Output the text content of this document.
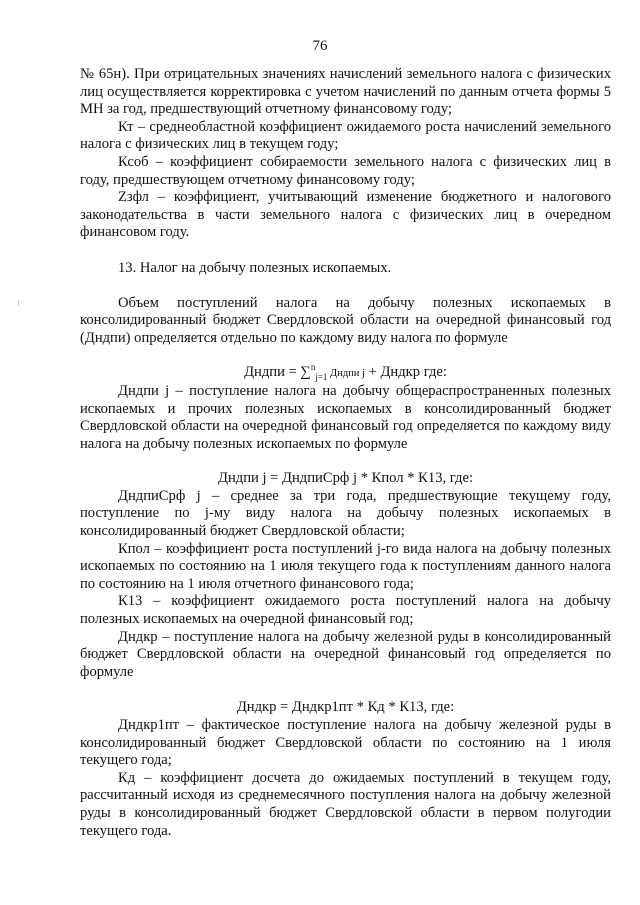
76

№ 65н). При отрицательных значениях начислений земельного налога с физических лиц осуществляется корректировка с учетом начислений по данным отчета формы 5 МН за год, предшествующий отчетному финансовому году;

Кт – среднеобластной коэффициент ожидаемого роста начислений земельного налога с физических лиц в текущем году;

Ксоб – коэффициент собираемости земельного налога с физических лиц в году, предшествующем отчетному финансовому году;

Zзфл – коэффициент, учитывающий изменение бюджетного и налогового законодательства в части земельного налога с физических лиц в очередном финансовом году.

13. Налог на добычу полезных ископаемых.

Объем поступлений налога на добычу полезных ископаемых в консолидированный бюджет Свердловской области на очередной финансовый год (Дндпи) определяется отдельно по каждому виду налога по формуле

Дндпи = ∑$^n_{j=1}$ Дндпи j + Дндкр где:

Дндпи j – поступление налога на добычу общераспространенных полезных ископаемых и прочих полезных ископаемых в консолидированный бюджет Свердловской области на очередной финансовый год определяется по каждому виду налога на добычу полезных ископаемых по формуле

Дндпи j = ДндпиСрф j * Кпол * К13, где:

ДндпиСрф j – среднее за три года, предшествующие текущему году, поступление по j-му виду налога на добычу полезных ископаемых в консолидированный бюджет Свердловской области;

Кпол – коэффициент роста поступлений j-го вида налога на добычу полезных ископаемых по состоянию на 1 июля текущего года к поступлениям данного налога по состоянию на 1 июля отчетного финансового года;

К13 – коэффициент ожидаемого роста поступлений налога на добычу полезных ископаемых на очередной финансовый год;

Дндкр – поступление налога на добычу железной руды в консолидированный бюджет Свердловской области на очередной финансовый год определяется по формуле

Дндкр = Дндкр1пт * Кд * К13, где:

Дндкр1пт – фактическое поступление налога на добычу железной руды в консолидированный бюджет Свердловской области по состоянию на 1 июля текущего года;

Кд – коэффициент досчета до ожидаемых поступлений в текущем году, рассчитанный исходя из среднемесячного поступления налога на добычу железной руды в консолидированный бюджет Свердловской области в первом полугодии текущего года.
